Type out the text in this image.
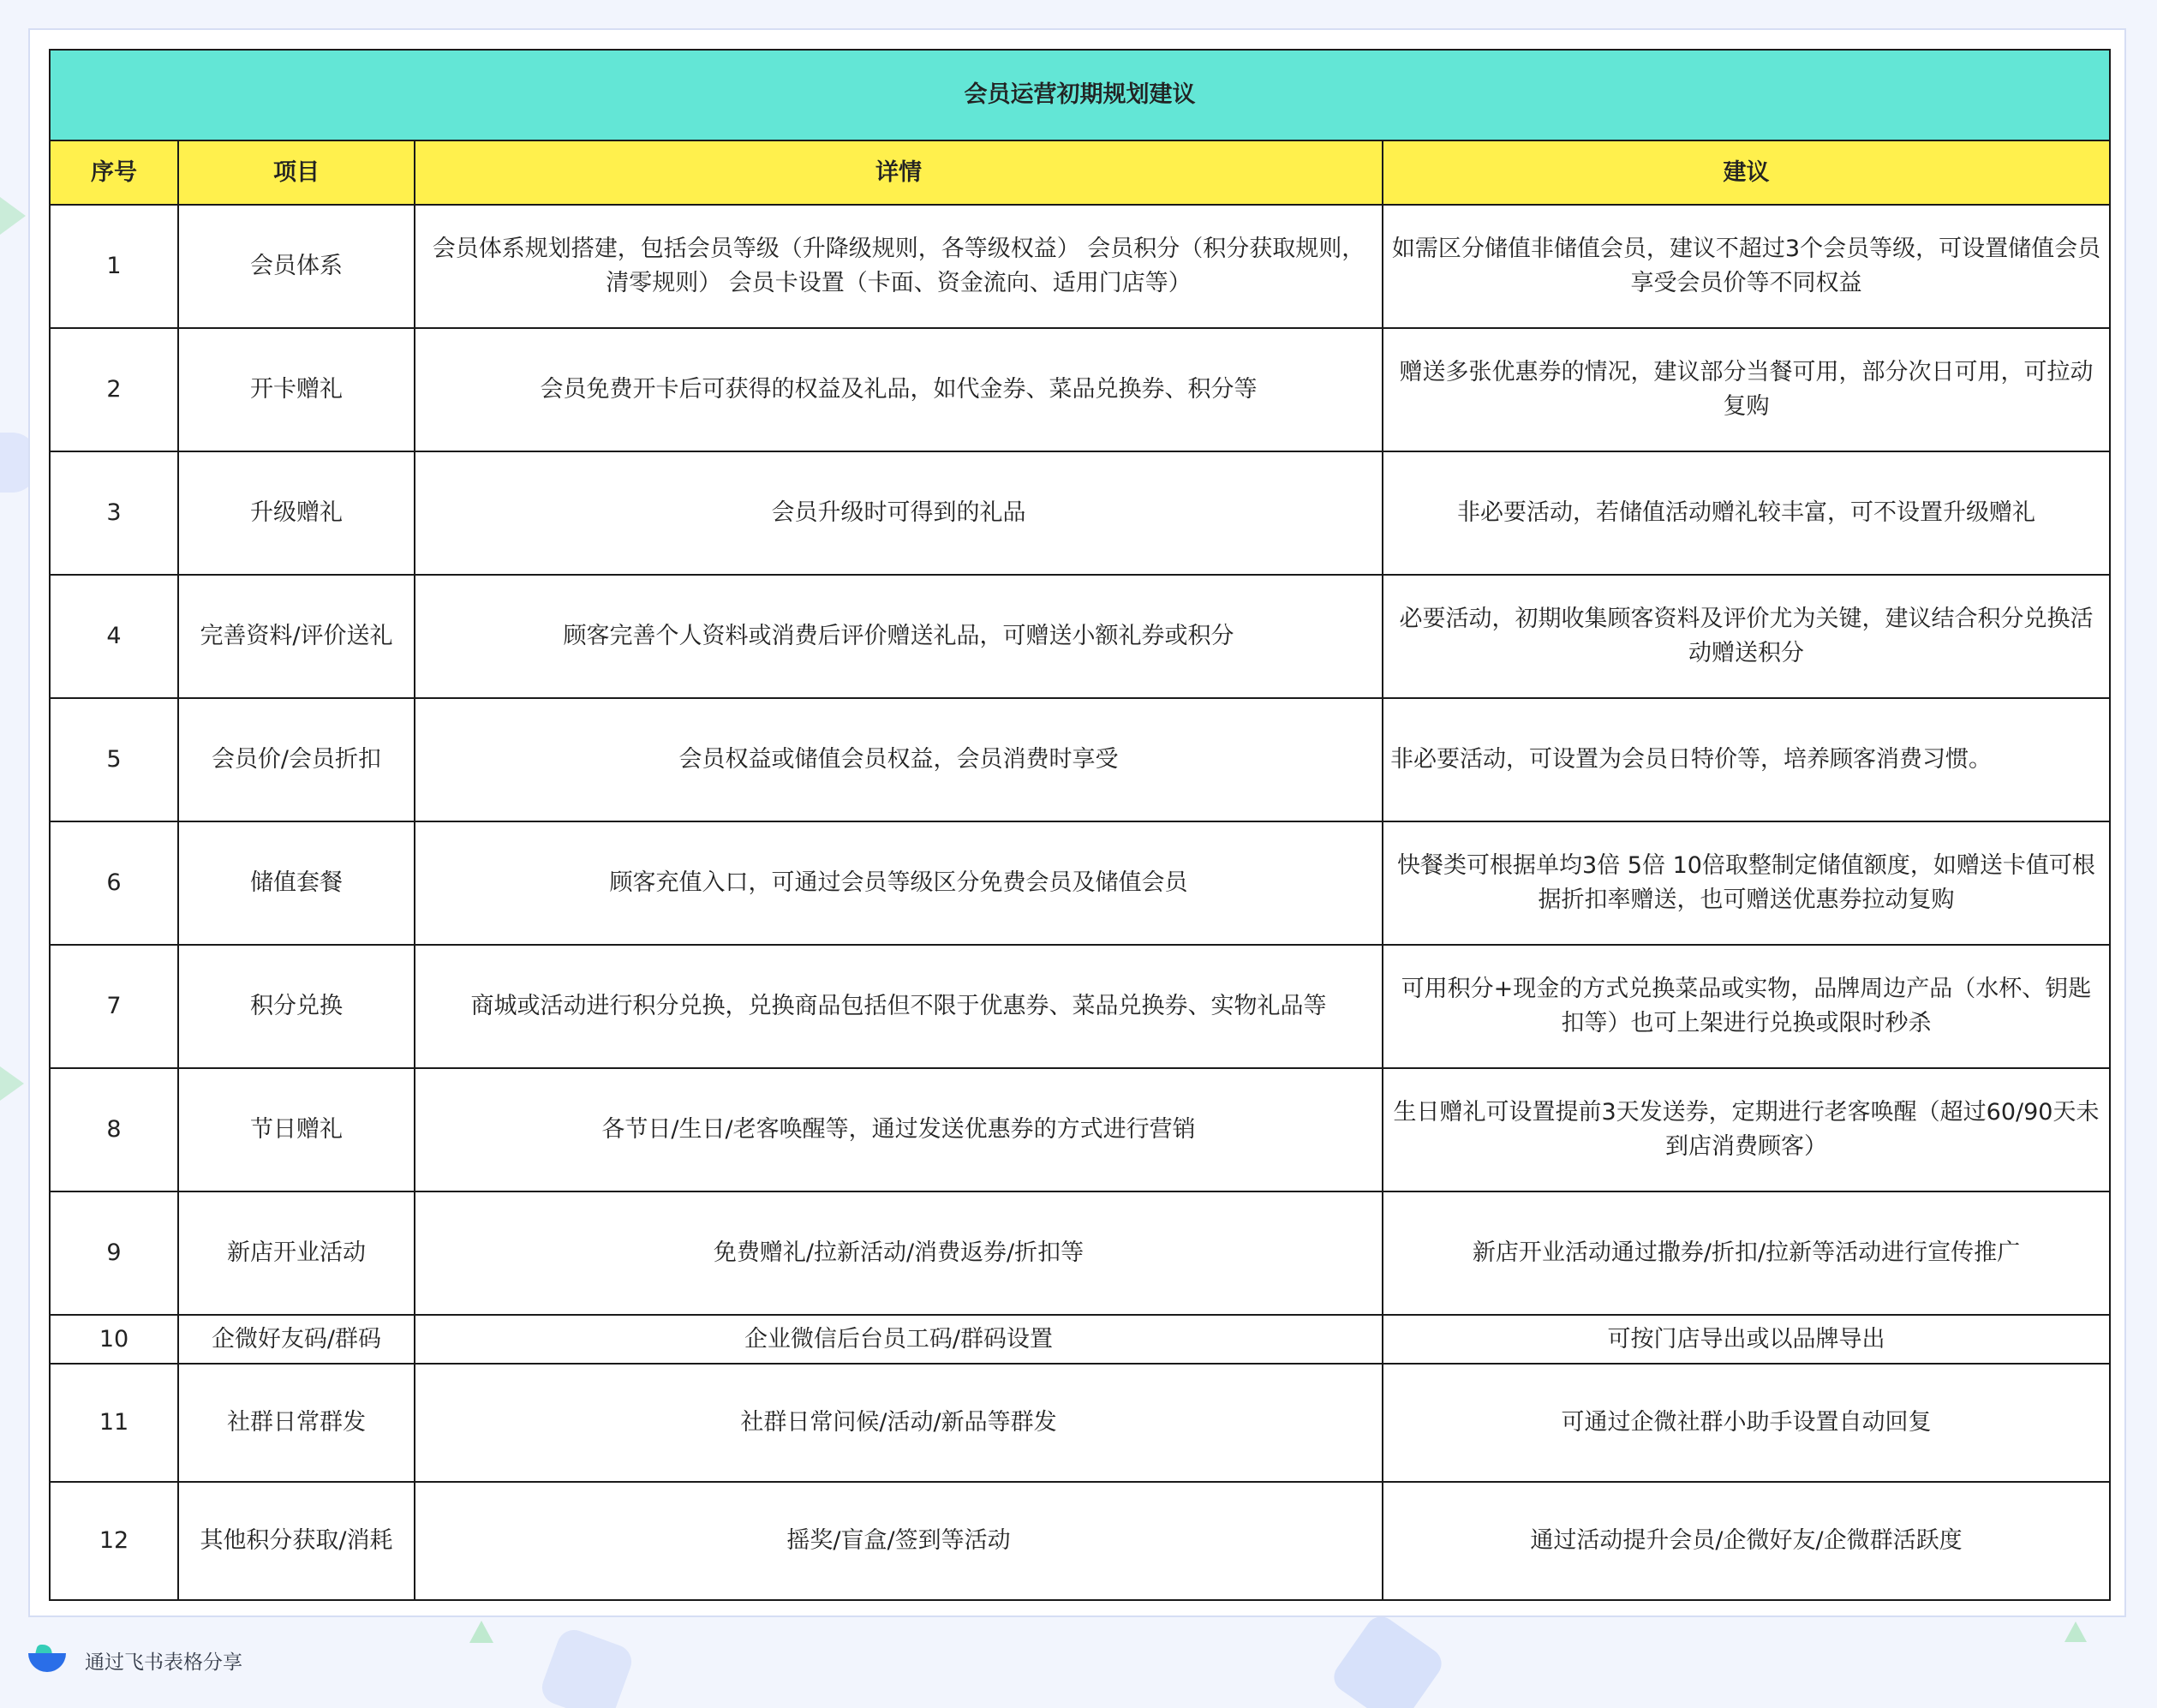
会员运营初期规划建议			
序号	项目	详情	建议
1	会员体系	会员体系规划搭建，包括会员等级（升降级规则，各等级权益） 会员积分（积分获取规则，清零规则） 会员卡设置（卡面、资金流向、适用门店等）	如需区分储值非储值会员，建议不超过3个会员等级，可设置储值会员享受会员价等不同权益
2	开卡赠礼	会员免费开卡后可获得的权益及礼品，如代金券、菜品兑换券、积分等	赠送多张优惠券的情况，建议部分当餐可用，部分次日可用，可拉动复购
3	升级赠礼	会员升级时可得到的礼品	非必要活动，若储值活动赠礼较丰富，可不设置升级赠礼
4	完善资料/评价送礼	顾客完善个人资料或消费后评价赠送礼品，可赠送小额礼券或积分	必要活动，初期收集顾客资料及评价尤为关键，建议结合积分兑换活动赠送积分
5	会员价/会员折扣	会员权益或储值会员权益，会员消费时享受	非必要活动，可设置为会员日特价等，培养顾客消费习惯。
6	储值套餐	顾客充值入口，可通过会员等级区分免费会员及储值会员	快餐类可根据单均3倍 5倍 10倍取整制定储值额度，如赠送卡值可根据折扣率赠送，也可赠送优惠券拉动复购
7	积分兑换	商城或活动进行积分兑换，兑换商品包括但不限于优惠券、菜品兑换券、实物礼品等	可用积分+现金的方式兑换菜品或实物，品牌周边产品（水杯、钥匙扣等）也可上架进行兑换或限时秒杀
8	节日赠礼	各节日/生日/老客唤醒等，通过发送优惠券的方式进行营销	生日赠礼可设置提前3天发送券，定期进行老客唤醒（超过60/90天未到店消费顾客）
9	新店开业活动	免费赠礼/拉新活动/消费返券/折扣等	新店开业活动通过撒券/折扣/拉新等活动进行宣传推广
10	企微好友码/群码	企业微信后台员工码/群码设置	可按门店导出或以品牌导出
11	社群日常群发	社群日常问候/活动/新品等群发	可通过企微社群小助手设置自动回复
12	其他积分获取/消耗	摇奖/盲盒/签到等活动	通过活动提升会员/企微好友/企微群活跃度
通过飞书表格分享
